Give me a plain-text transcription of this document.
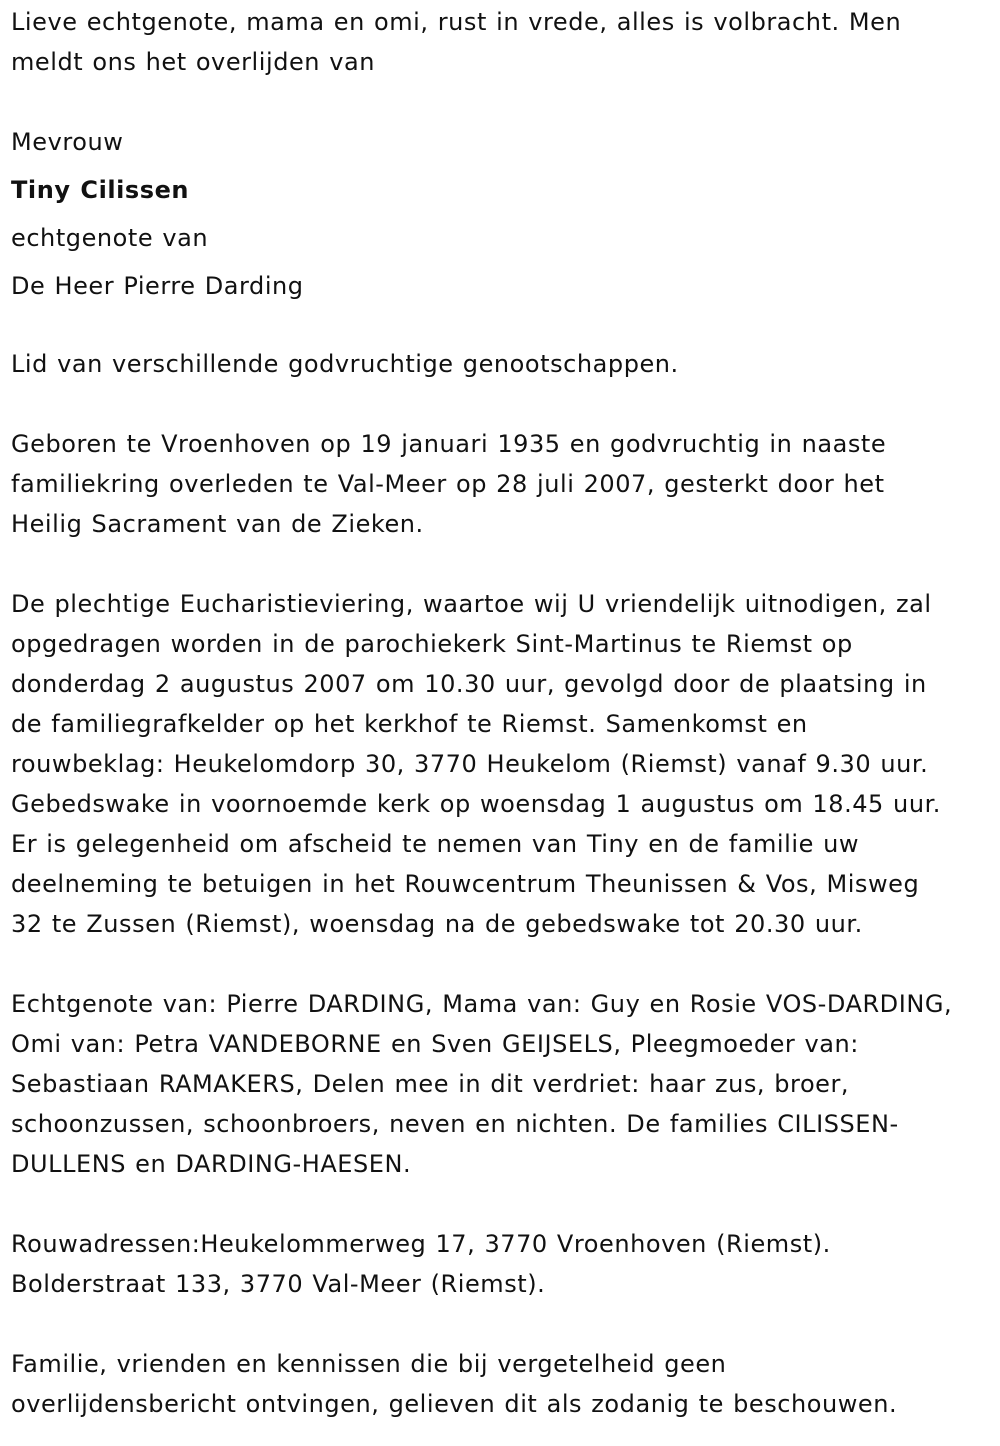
Lieve echtgenote, mama en omi, rust in vrede, alles is volbracht. Men
meldt ons het overlijden van

Mevrouw

Tiny Cilissen

echtgenote van

De Heer Pierre Darding

Lid van verschillende godvruchtige genootschappen.

Geboren te Vroenhoven op 19 januari 1935 en godvruchtig in naaste
familiekring overleden te Val-Meer op 28 juli 2007, gesterkt door het
Heilig Sacrament van de Zieken.

De plechtige Eucharistieviering, waartoe wij U vriendelijk uitnodigen, zal
opgedragen worden in de parochiekerk Sint-Martinus te Riemst op
donderdag 2 augustus 2007 om 10.30 uur, gevolgd door de plaatsing in
de familiegrafkelder op het kerkhof te Riemst. Samenkomst en
rouwbeklag: Heukelomdorp 30, 3770 Heukelom (Riemst) vanaf 9.30 uur.
Gebedswake in voornoemde kerk op woensdag 1 augustus om 18.45 uur.
Er is gelegenheid om afscheid te nemen van Tiny en de familie uw
deelneming te betuigen in het Rouwcentrum Theunissen & Vos, Misweg
32 te Zussen (Riemst), woensdag na de gebedswake tot 20.30 uur.

Echtgenote van: Pierre DARDING, Mama van: Guy en Rosie VOS-DARDING,
Omi van: Petra VANDEBORNE en Sven GEIJSELS, Pleegmoeder van:
Sebastiaan RAMAKERS, Delen mee in dit verdriet: haar zus, broer,
schoonzussen, schoonbroers, neven en nichten. De families CILISSEN-
DULLENS en DARDING-HAESEN.

Rouwadressen:Heukelommerweg 17, 3770 Vroenhoven (Riemst).
Bolderstraat 133, 3770 Val-Meer (Riemst).

Familie, vrienden en kennissen die bij vergetelheid geen
overlijdensbericht ontvingen, gelieven dit als zodanig te beschouwen.
